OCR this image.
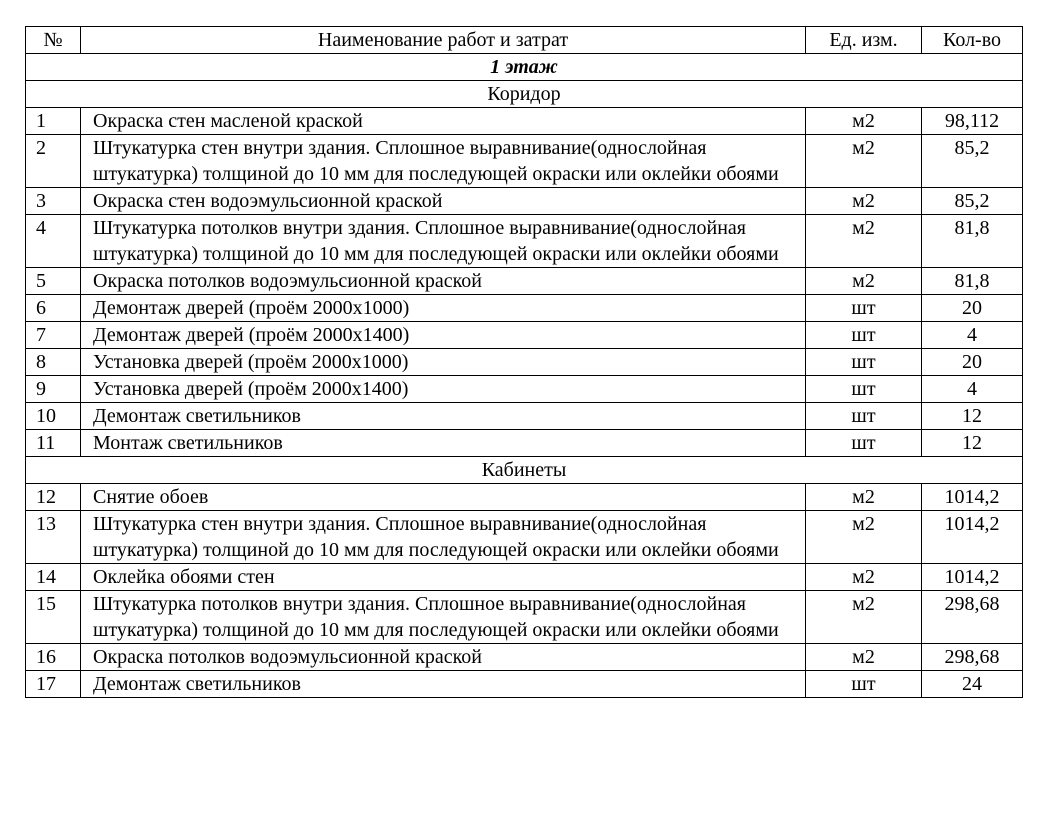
№	Наименование работ и затрат	Ед. изм.	Кол-во
1 этаж			
Коридор			
1	Окраска стен масленой краской	м2	98,112
2	Штукатурка стен внутри здания. Сплошное выравнивание(однослойная штукатурка) толщиной до 10 мм для последующей окраски или оклейки обоями	м2	85,2
3	Окраска стен водоэмульсионной краской	м2	85,2
4	Штукатурка потолков внутри здания. Сплошное выравнивание(однослойная штукатурка) толщиной до 10 мм для последующей окраски или оклейки обоями	м2	81,8
5	Окраска потолков водоэмульсионной краской	м2	81,8
6	Демонтаж дверей (проём 2000x1000)	шт	20
7	Демонтаж дверей (проём 2000x1400)	шт	4
8	Установка дверей (проём 2000x1000)	шт	20
9	Установка дверей (проём 2000x1400)	шт	4
10	Демонтаж светильников	шт	12
11	Монтаж светильников	шт	12
Кабинеты			
12	Снятие обоев	м2	1014,2
13	Штукатурка стен внутри здания. Сплошное выравнивание(однослойная штукатурка) толщиной до 10 мм для последующей окраски или оклейки обоями	м2	1014,2
14	Оклейка обоями стен	м2	1014,2
15	Штукатурка потолков внутри здания. Сплошное выравнивание(однослойная штукатурка) толщиной до 10 мм для последующей окраски или оклейки обоями	м2	298,68
16	Окраска потолков водоэмульсионной краской	м2	298,68
17	Демонтаж светильников	шт	24
